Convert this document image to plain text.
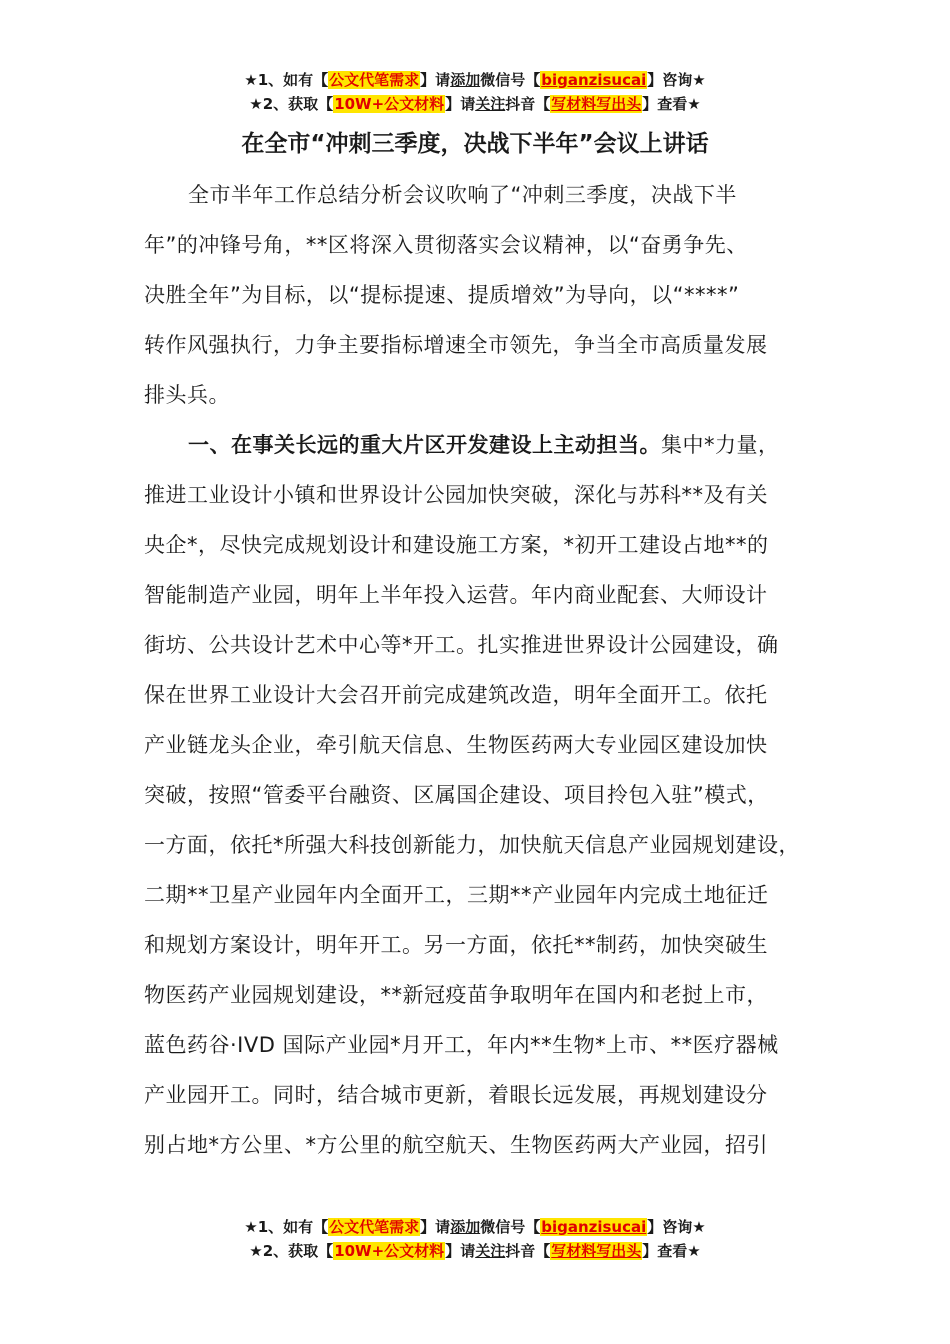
★1、如有【公文代笔需求】请添加微信号【biganzisucai】咨询★
★2、获取【10W+公文材料】请关注抖音【写材料写出头】查看★
在全市“冲刺三季度，决战下半年”会议上讲话
全市半年工作总结分析会议吹响了“冲刺三季度，决战下半
年”的冲锋号角，**区将深入贯彻落实会议精神，以“奋勇争先、
决胜全年”为目标，以“提标提速、提质增效”为导向，以“****”
转作风强执行，力争主要指标增速全市领先，争当全市高质量发展
排头兵。
一、在事关长远的重大片区开发建设上主动担当。集中*力量，
推进工业设计小镇和世界设计公园加快突破，深化与苏科**及有关
央企*，尽快完成规划设计和建设施工方案，*初开工建设占地**的
智能制造产业园，明年上半年投入运营。年内商业配套、大师设计
街坊、公共设计艺术中心等*开工。扎实推进世界设计公园建设，确
保在世界工业设计大会召开前完成建筑改造，明年全面开工。依托
产业链龙头企业，牵引航天信息、生物医药两大专业园区建设加快
突破，按照“管委平台融资、区属国企建设、项目拎包入驻”模式，
一方面，依托*所强大科技创新能力，加快航天信息产业园规划建设，
二期**卫星产业园年内全面开工，三期**产业园年内完成土地征迁
和规划方案设计，明年开工。另一方面，依托**制药，加快突破生
物医药产业园规划建设，**新冠疫苗争取明年在国内和老挝上市，
蓝色药谷·IVD 国际产业园*月开工，年内**生物*上市、**医疗器械
产业园开工。同时，结合城市更新，着眼长远发展，再规划建设分
别占地*方公里、*方公里的航空航天、生物医药两大产业园，招引
★1、如有【公文代笔需求】请添加微信号【biganzisucai】咨询★
★2、获取【10W+公文材料】请关注抖音【写材料写出头】查看★
